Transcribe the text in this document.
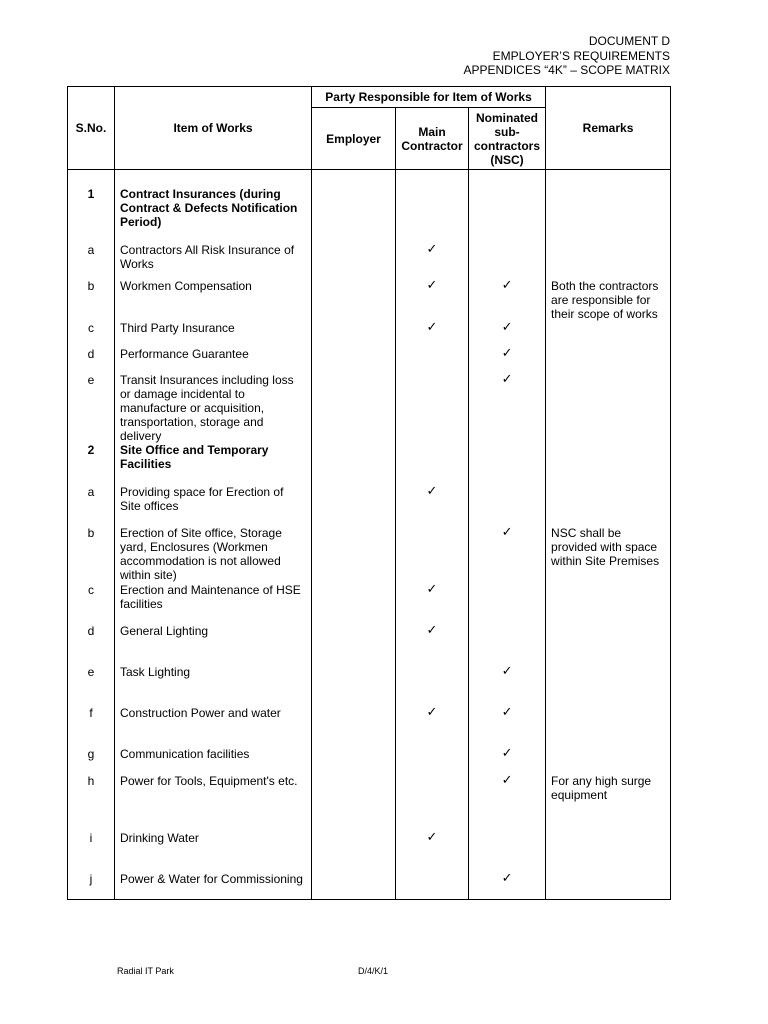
DOCUMENT D
EMPLOYER’S REQUIREMENTS
APPENDICES “4K” – SCOPE MATRIX
S.No.	Item of Works	Party Responsible for Item of Works			Remarks
		Employer	Main Contractor	Nominated sub-contractors (NSC)	

1	Contract Insurances (during Contract & Defects Notification Period)				
a	Contractors All Risk Insurance of Works		✓		
b	Workmen Compensation		✓	✓	Both the contractors are responsible for their scope of works
c	Third Party Insurance		✓	✓	
d	Performance Guarantee			✓	
e	Transit Insurances including loss or damage incidental to manufacture or acquisition, transportation, storage and delivery			✓	
2	Site Office and Temporary Facilities				
a	Providing space for Erection of Site offices		✓		
b	Erection of Site office, Storage yard, Enclosures (Workmen accommodation is not allowed within site)			✓	NSC shall be provided with space within Site Premises
c	Erection and Maintenance of HSE facilities		✓		
d	General Lighting		✓		
e	Task Lighting			✓	
f	Construction Power and water		✓	✓	
g	Communication facilities			✓	
h	Power for Tools, Equipment's etc.			✓	For any high surge equipment
i	Drinking Water		✓		
j	Power & Water for Commissioning			✓	
Radial IT Park	D/4/K/1
